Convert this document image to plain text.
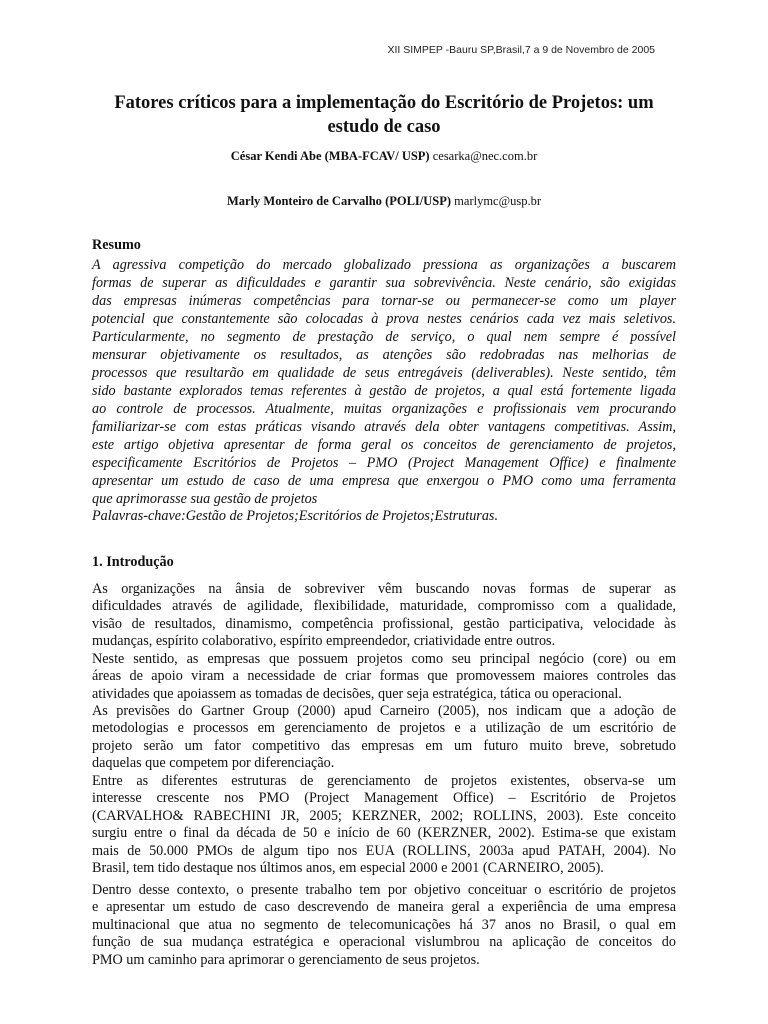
XII SIMPEP -Bauru SP,Brasil,7 a 9 de Novembro de 2005
Fatores críticos para a implementação do Escritório de Projetos: um
estudo de caso
César Kendi Abe (MBA-FCAV/ USP) cesarka@nec.com.br
Marly Monteiro de Carvalho (POLI/USP) marlymc@usp.br
Resumo
A agressiva competição do mercado globalizado pressiona as organizações a buscarem
formas de superar as dificuldades e garantir sua sobrevivência. Neste cenário, são exigidas
das empresas inúmeras competências para tornar-se ou permanecer-se como um player
potencial que constantemente são colocadas à prova nestes cenários cada vez mais seletivos.
Particularmente, no segmento de prestação de serviço, o qual nem sempre é possível
mensurar objetivamente os resultados, as atenções são redobradas nas melhorias de
processos que resultarão em qualidade de seus entregáveis (deliverables). Neste sentido, têm
sido bastante explorados temas referentes à gestão de projetos, a qual está fortemente ligada
ao controle de processos. Atualmente, muitas organizações e profissionais vem procurando
familiarizar-se com estas práticas visando através dela obter vantagens competitivas. Assim,
este artigo objetiva apresentar de forma geral os conceitos de gerenciamento de projetos,
especificamente Escritórios de Projetos – PMO (Project Management Office) e finalmente
apresentar um estudo de caso de uma empresa que enxergou o PMO como uma ferramenta
que aprimorasse sua gestão de projetos
Palavras-chave:Gestão de Projetos;Escritórios de Projetos;Estruturas.
1. Introdução
As organizações na ânsia de sobreviver vêm buscando novas formas de superar as
dificuldades através de agilidade, flexibilidade, maturidade, compromisso com a qualidade,
visão de resultados, dinamismo, competência profissional, gestão participativa, velocidade às
mudanças, espírito colaborativo, espírito empreendedor, criatividade entre outros.
Neste sentido, as empresas que possuem projetos como seu principal negócio (core) ou em
áreas de apoio viram a necessidade de criar formas que promovessem maiores controles das
atividades que apoiassem as tomadas de decisões, quer seja estratégica, tática ou operacional.
As previsões do Gartner Group (2000) apud Carneiro (2005), nos indicam que a adoção de
metodologias e processos em gerenciamento de projetos e a utilização de um escritório de
projeto serão um fator competitivo das empresas em um futuro muito breve, sobretudo
daquelas que competem por diferenciação.
Entre as diferentes estruturas de gerenciamento de projetos existentes, observa-se um
interesse crescente nos PMO (Project Management Office) – Escritório de Projetos
(CARVALHO& RABECHINI JR, 2005; KERZNER, 2002; ROLLINS, 2003). Este conceito
surgiu entre o final da década de 50 e início de 60 (KERZNER, 2002). Estima-se que existam
mais de 50.000 PMOs de algum tipo nos EUA (ROLLINS, 2003a apud PATAH, 2004). No
Brasil, tem tido destaque nos últimos anos, em especial 2000 e 2001 (CARNEIRO, 2005).
Dentro desse contexto, o presente trabalho tem por objetivo conceituar o escritório de projetos
e apresentar um estudo de caso descrevendo de maneira geral a experiência de uma empresa
multinacional que atua no segmento de telecomunicações há 37 anos no Brasil, o qual em
função de sua mudança estratégica e operacional vislumbrou na aplicação de conceitos do
PMO um caminho para aprimorar o gerenciamento de seus projetos.
